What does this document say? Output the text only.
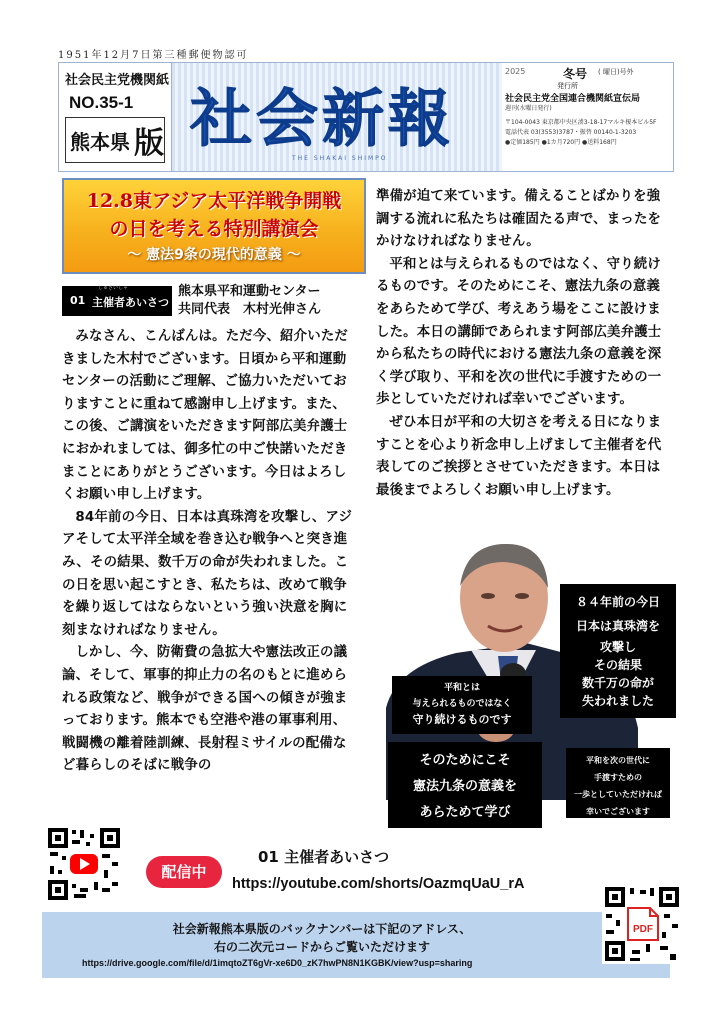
1951年12月7日第三種郵便物認可
社会民主党機関紙
NO.35-1
熊本県 版 社会新報
THE SHAKAI SHIMPO
2025	冬号 ( 曜日)号外
発行所
社会民主党全国連合機関紙宣伝局
週刊(水曜日発行)
〒104-0043 東京都中央区湊3-18-17マルキ榎本ビル5F
電話代表 03(3553)3787・振替 00140-1-3203
●定価185円 ●1カ月720円 ●送料168円
12.8東アジア太平洋戦争開戦
の日を考える特別講演会
～ 憲法9条の現代的意義 ～
しゅさいしゃ
01 主催者あいさつ
熊本県平和運動センター
共同代表　木村光伸さん

みなさん、こんばんは。ただ今、紹介いただきました木村でございます。日頃から平和運動センターの活動にご理解、ご協力いただいておりますことに重ねて感謝申し上げます。また、この後、ご講演をいただきます阿部広美弁護士におかれましては、御多忙の中ご快諾いただきまことにありがとうございます。今日はよろしくお願い申し上げます。

84年前の今日、日本は真珠湾を攻撃し、アジアそして太平洋全域を巻き込む戦争へと突き進み、その結果、数千万の命が失われました。この日を思い起こすとき、私たちは、改めて戦争を繰り返してはならないという強い決意を胸に刻まなければなりません。

しかし、今、防衛費の急拡大や憲法改正の議論、そして、軍事的抑止力の名のもとに進められる政策など、戦争ができる国への傾きが強まっております。熊本でも空港や港の軍事利用、戦闘機の離着陸訓練、長射程ミサイルの配備など暮らしのそばに戦争の

準備が迫て来ています。備えることばかりを強調する流れに私たちは確固たる声で、まったをかけなければなりません。

平和とは与えられるものではなく、守り続けるものです。そのためにこそ、憲法九条の意義をあらためて学び、考えあう場をここに設けました。本日の講師であられます阿部広美弁護士から私たちの時代における憲法九条の意義を深く学び取り、平和を次の世代に手渡すための一歩としていただければ幸いでございます。

ぜひ本日が平和の大切さを考える日になりますことを心より祈念申し上げまして主催者を代表してのご挨拶とさせていただきます。本日は最後までよろしくお願い申し上げます。

８４年前の今日
日本は真珠湾を
攻撃し
その結果
数千万の命が
失われました
平和とは
与えられるものではなく
守り続けるものです
そのためにこそ
憲法九条の意義を
あらためて学び
平和を次の世代に
手渡すための
一歩としていただければ
幸いでございます
01 主催者あいさつ
配信中
https://youtube.com/shorts/OazmqUaU_rA
社会新報熊本県版のバックナンバーは下記のアドレス、
右の二次元コードからご覧いただけます
https://drive.google.com/file/d/1imqtoZT6gVr-xe6D0_zK7hwPN8N1KGBK/view?usp=sharing
PDF
